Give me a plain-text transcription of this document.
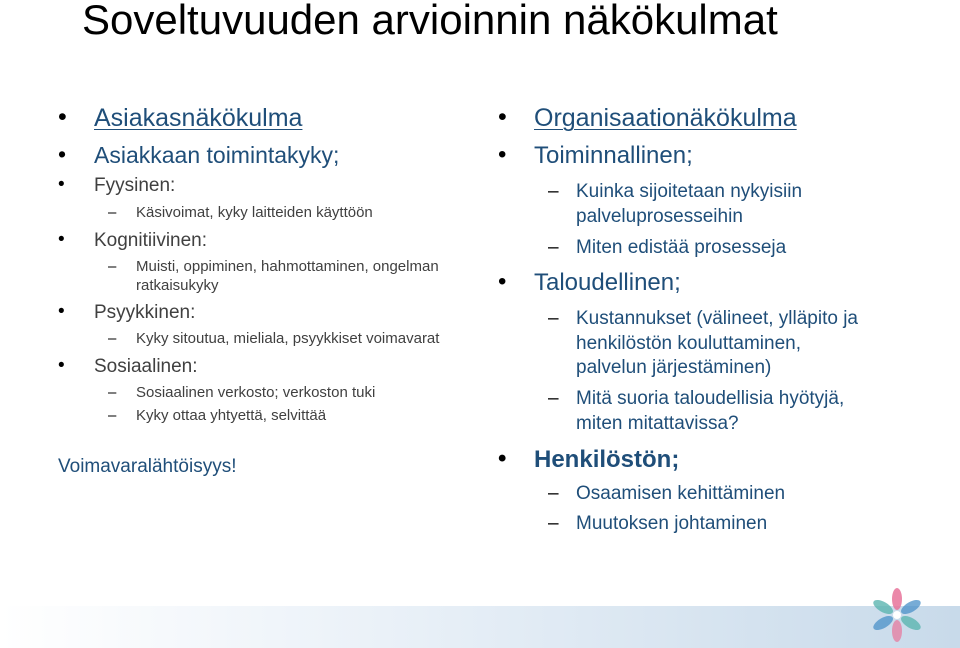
Soveltuvuuden arvioinnin näkökulmat
• Asiakasnäkökulma
• Asiakkaan toimintakyky;
• Fyysinen:
– Käsivoimat, kyky laitteiden käyttöön
• Kognitiivinen:
– Muisti, oppiminen, hahmottaminen, ongelman
ratkaisukyky
• Psyykkinen:
– Kyky sitoutua, mieliala, psyykkiset voimavarat
• Sosiaalinen:
– Sosiaalinen verkosto; verkoston tuki
– Kyky ottaa yhtyettä, selvittää
Voimavaralähtöisyys!
• Organisaationäkökulma
• Toiminnallinen;
– Kuinka sijoitetaan nykyisiin
palveluprosesseihin
– Miten edistää prosesseja
• Taloudellinen;
– Kustannukset (välineet, ylläpito ja
henkilöstön kouluttaminen,
palvelun järjestäminen)
– Mitä suoria taloudellisia hyötyjä,
miten mitattavissa?
• Henkilöstön;
– Osaamisen kehittäminen
– Muutoksen johtaminen
